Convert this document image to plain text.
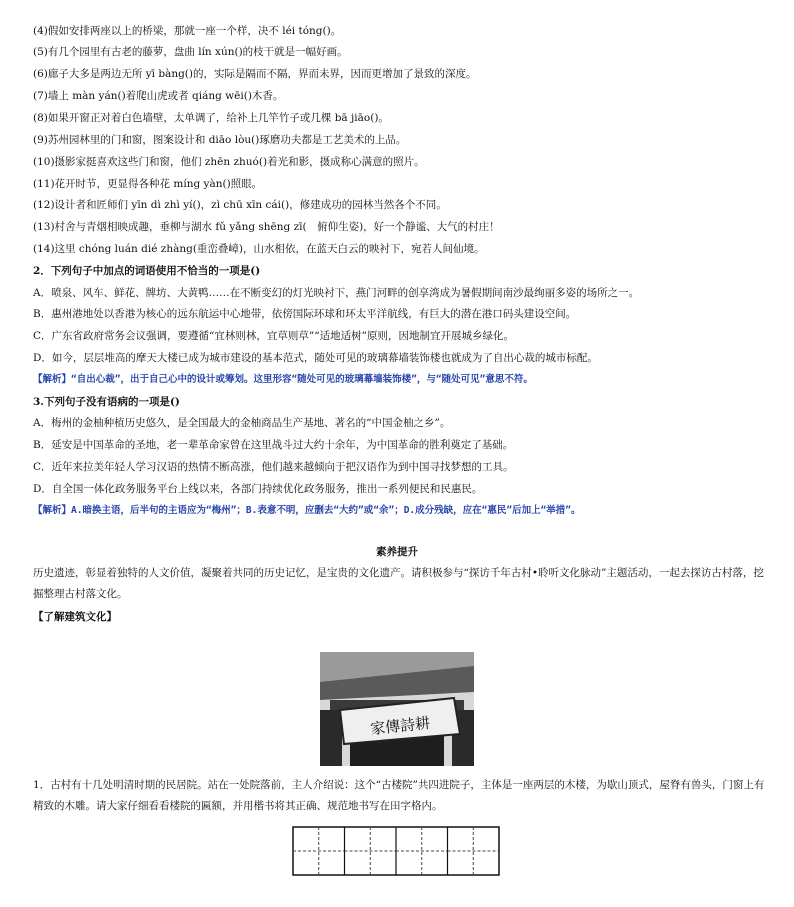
(4)假如安排两座以上的桥梁，那就一座一个样，决不 léi tóng()。
(5)有几个园里有古老的藤萝，盘曲 lín xún()的枝干就是一幅好画。
(6)廊子大多是两边无所 yī bàng()的，实际是隔而不隔，界而未界，因而更增加了景致的深度。
(7)墙上 màn yán()着爬山虎或者 qiáng wēi()木香。
(8)如果开窗正对着白色墙壁，太单调了，给补上几竿竹子或几棵 bā jiāo()。
(9)苏州园林里的门和窗，图案设计和 diāo lòu()琢磨功夫都是工艺美术的上品。
(10)摄影家挺喜欢这些门和窗，他们 zhēn zhuó()着光和影，摄成称心满意的照片。
(11)花开时节，更显得各种花 míng yàn()照眼。
(12)设计者和匠师们 yīn dì zhì yí()，zì chū xīn cái()，修建成功的园林当然各个不同。
(13)村舍与青烟相映成趣，垂柳与湖水 fǔ yǎng shēng zī(　俯仰生姿)，好一个静谧、大气的村庄！
(14)这里 chóng luán dié zhàng(重峦叠嶂)，山水相依，在蓝天白云的映衬下，宛若人间仙境。
2．下列句子中加点的词语使用不恰当的一项是()
A．喷泉、风车、鲜花、牌坊、大黄鸭……在不断变幻的灯光映衬下，燕门河畔的创享湾成为暑假期间南沙最绚丽多姿的场所之一。
B．惠州港地处以香港为核心的远东航运中心地带，依傍国际环球和环太平洋航线，有巨大的潜在港口码头建设空间。
C．广东省政府常务会议强调，要遵循“宜林则林，宜草则草”“适地适树”原则，因地制宜开展城乡绿化。
D．如今，层层堆高的摩天大楼已成为城市建设的基本范式，随处可见的玻璃幕墙装饰楼也就成为了自出心裁的城市标配。
【解析】“自出心裁”，出于自己心中的设计或筹划。这里形容“随处可见的玻璃幕墙装饰楼”，与“随处可见”意思不符。
3.下列句子没有语病的一项是()
A．梅州的金柚种植历史悠久，是全国最大的金柚商品生产基地、著名的“中国金柚之乡”。
B．延安是中国革命的圣地，老一辈革命家曾在这里战斗过大约十余年，为中国革命的胜利奠定了基础。
C．近年来拉美年轻人学习汉语的热情不断高涨，他们越来越倾向于把汉语作为到中国寻找梦想的工具。
D．自全国一体化政务服务平台上线以来，各部门持续优化政务服务，推出一系列便民和民惠民。
【解析】A.暗换主语，后半句的主语应为“梅州”；B.表意不明，应删去“大约”或“余”；D.成分残缺，应在“惠民”后加上“举措”。
素养提升
历史遗迹，彰显着独特的人文价值，凝聚着共同的历史记忆，是宝贵的文化遗产。请积极参与“探访千年古村•聆听文化脉动”主题活动，一起去探访古村落，挖掘整理古村落文化。
【了解建筑文化】
家傳詩耕
1．古村有十几处明清时期的民居院。站在一处院落前，主人介绍说：这个“古楼院”共四进院子，主体是一座两层的木楼，为歇山顶式，屋脊有兽头，门窗上有精致的木雕。请大家仔细看看楼院的匾额，并用楷书将其正确、规范地书写在田字格内。
